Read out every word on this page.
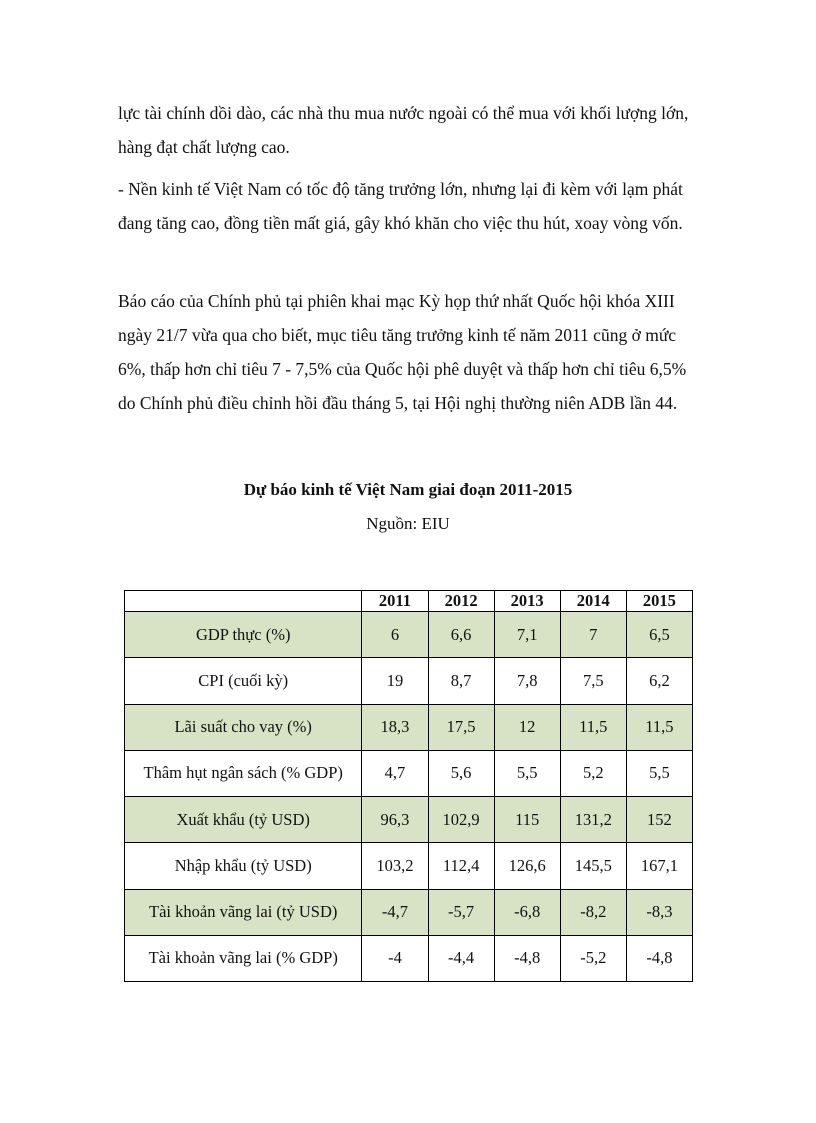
lực tài chính dồi dào, các nhà thu mua nước ngoài có thể mua với khối lượng lớn, hàng đạt chất lượng cao.

- Nền kinh tế Việt Nam có tốc độ tăng trưởng lớn, nhưng lại đi kèm với lạm phát đang tăng cao, đồng tiền mất giá, gây khó khăn cho việc thu hút, xoay vòng vốn.

Báo cáo của Chính phủ tại phiên khai mạc Kỳ họp thứ nhất Quốc hội khóa XIII ngày 21/7 vừa qua cho biết, mục tiêu tăng trưởng kinh tế năm 2011 cũng ở mức 6%, thấp hơn chỉ tiêu 7 - 7,5% của Quốc hội phê duyệt và thấp hơn chỉ tiêu 6,5% do Chính phủ điều chỉnh hồi đầu tháng 5, tại Hội nghị thường niên ADB lần 44.

Dự báo kinh tế Việt Nam giai đoạn 2011-2015

Nguồn: EIU

	2011	2012	2013	2014	2015
GDP thực (%)	6	6,6	7,1	7	6,5
CPI (cuối kỳ)	19	8,7	7,8	7,5	6,2
Lãi suất cho vay (%)	18,3	17,5	12	11,5	11,5
Thâm hụt ngân sách (% GDP)	4,7	5,6	5,5	5,2	5,5
Xuất khẩu (tỷ USD)	96,3	102,9	115	131,2	152
Nhập khẩu (tỷ USD)	103,2	112,4	126,6	145,5	167,1
Tài khoản vãng lai (tỷ USD)	-4,7	-5,7	-6,8	-8,2	-8,3
Tài khoản vãng lai (% GDP)	-4	-4,4	-4,8	-5,2	-4,8
